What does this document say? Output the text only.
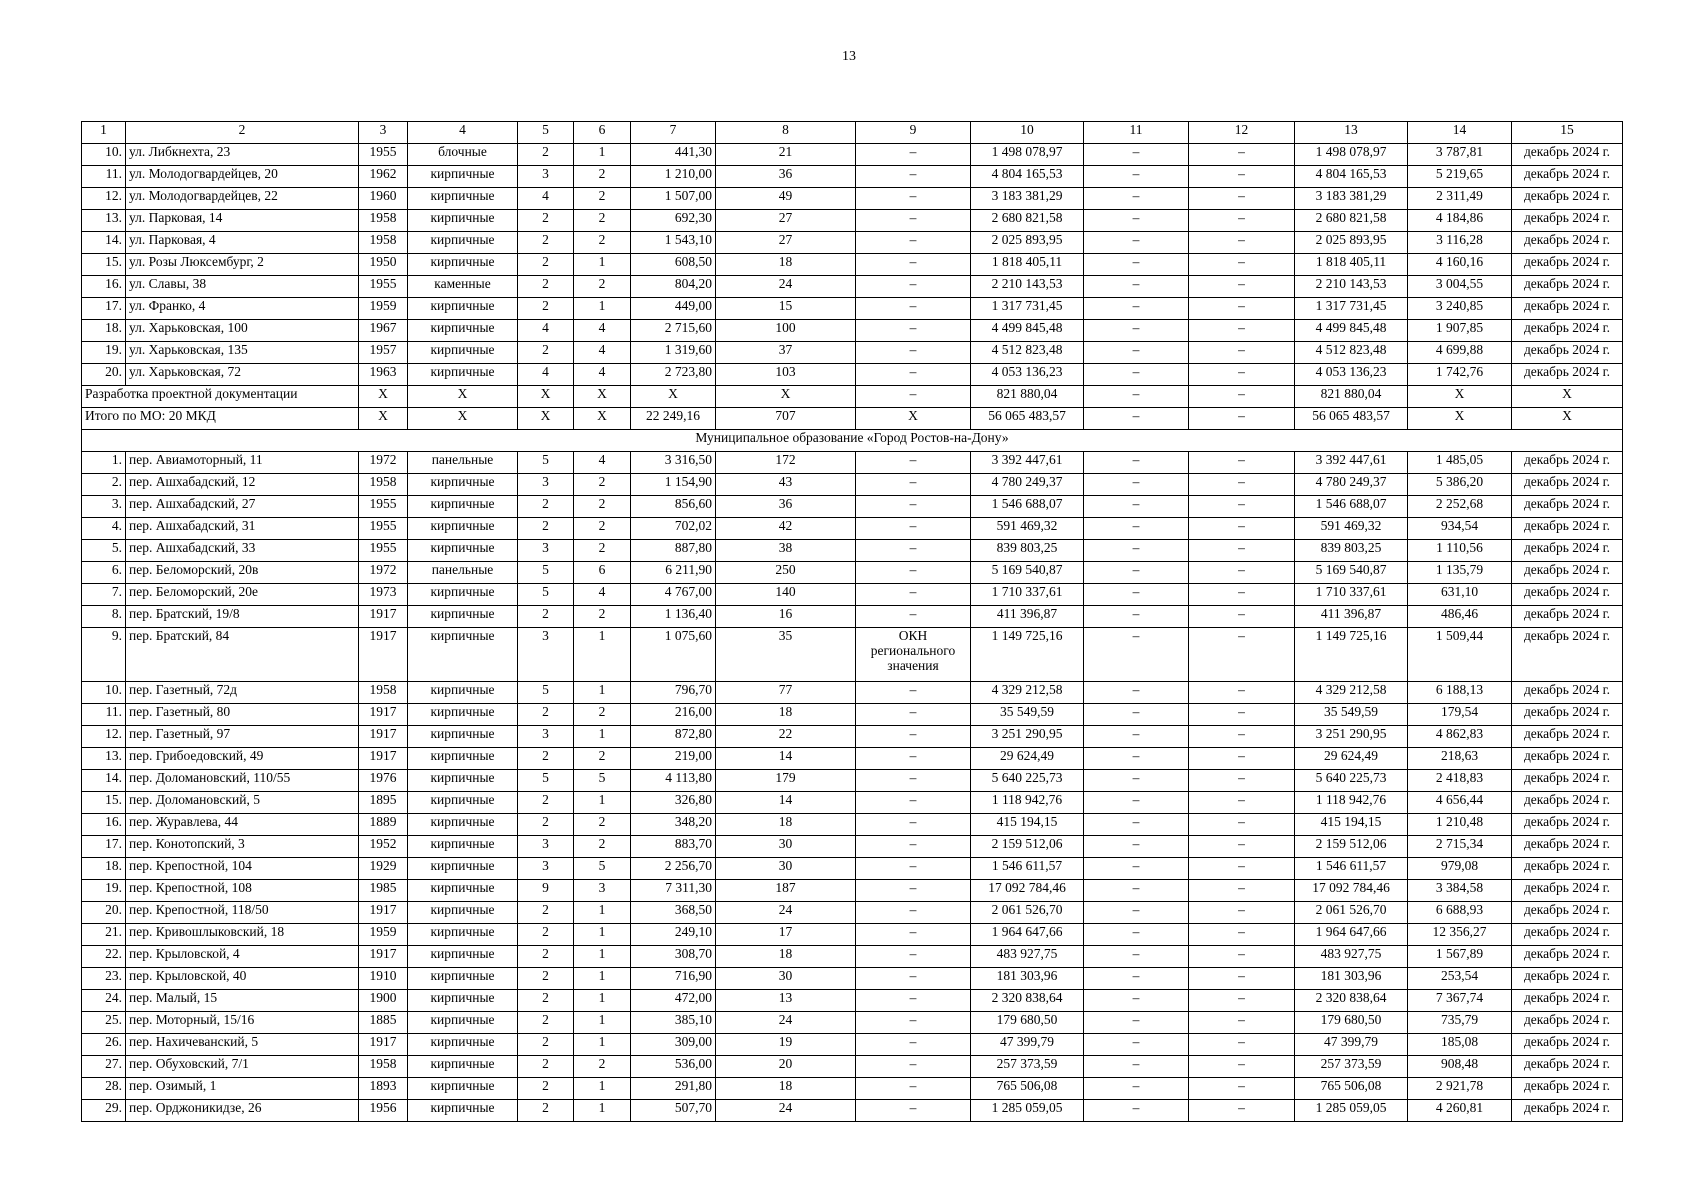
13
1	2	3	4	5	6	7	8	9	10	11	12	13	14	15
10.	ул. Либкнехта, 23	1955	блочные	2	1	441,30	21	–	1 498 078,97	–	–	1 498 078,97	3 787,81	декабрь 2024 г.
11.	ул. Молодогвардейцев, 20	1962	кирпичные	3	2	1 210,00	36	–	4 804 165,53	–	–	4 804 165,53	5 219,65	декабрь 2024 г.
12.	ул. Молодогвардейцев, 22	1960	кирпичные	4	2	1 507,00	49	–	3 183 381,29	–	–	3 183 381,29	2 311,49	декабрь 2024 г.
13.	ул. Парковая, 14	1958	кирпичные	2	2	692,30	27	–	2 680 821,58	–	–	2 680 821,58	4 184,86	декабрь 2024 г.
14.	ул. Парковая, 4	1958	кирпичные	2	2	1 543,10	27	–	2 025 893,95	–	–	2 025 893,95	3 116,28	декабрь 2024 г.
15.	ул. Розы Люксембург, 2	1950	кирпичные	2	1	608,50	18	–	1 818 405,11	–	–	1 818 405,11	4 160,16	декабрь 2024 г.
16.	ул. Славы, 38	1955	каменные	2	2	804,20	24	–	2 210 143,53	–	–	2 210 143,53	3 004,55	декабрь 2024 г.
17.	ул. Франко, 4	1959	кирпичные	2	1	449,00	15	–	1 317 731,45	–	–	1 317 731,45	3 240,85	декабрь 2024 г.
18.	ул. Харьковская, 100	1967	кирпичные	4	4	2 715,60	100	–	4 499 845,48	–	–	4 499 845,48	1 907,85	декабрь 2024 г.
19.	ул. Харьковская, 135	1957	кирпичные	2	4	1 319,60	37	–	4 512 823,48	–	–	4 512 823,48	4 699,88	декабрь 2024 г.
20.	ул. Харьковская, 72	1963	кирпичные	4	4	2 723,80	103	–	4 053 136,23	–	–	4 053 136,23	1 742,76	декабрь 2024 г.
Разработка проектной документации		X	X	X	X	X	X	–	821 880,04	–	–	821 880,04	X	X
Итого по МО: 20 МКД		X	X	X	X	22 249,16	707	X	56 065 483,57	–	–	56 065 483,57	X	X
Муниципальное образование «Город Ростов-на-Дону»														
1.	пер. Авиамоторный, 11	1972	панельные	5	4	3 316,50	172	–	3 392 447,61	–	–	3 392 447,61	1 485,05	декабрь 2024 г.
2.	пер. Ашхабадский, 12	1958	кирпичные	3	2	1 154,90	43	–	4 780 249,37	–	–	4 780 249,37	5 386,20	декабрь 2024 г.
3.	пер. Ашхабадский, 27	1955	кирпичные	2	2	856,60	36	–	1 546 688,07	–	–	1 546 688,07	2 252,68	декабрь 2024 г.
4.	пер. Ашхабадский, 31	1955	кирпичные	2	2	702,02	42	–	591 469,32	–	–	591 469,32	934,54	декабрь 2024 г.
5.	пер. Ашхабадский, 33	1955	кирпичные	3	2	887,80	38	–	839 803,25	–	–	839 803,25	1 110,56	декабрь 2024 г.
6.	пер. Беломорский, 20в	1972	панельные	5	6	6 211,90	250	–	5 169 540,87	–	–	5 169 540,87	1 135,79	декабрь 2024 г.
7.	пер. Беломорский, 20е	1973	кирпичные	5	4	4 767,00	140	–	1 710 337,61	–	–	1 710 337,61	631,10	декабрь 2024 г.
8.	пер. Братский, 19/8	1917	кирпичные	2	2	1 136,40	16	–	411 396,87	–	–	411 396,87	486,46	декабрь 2024 г.
9.	пер. Братский, 84	1917	кирпичные	3	1	1 075,60	35	ОКН регионального значения	1 149 725,16	–	–	1 149 725,16	1 509,44	декабрь 2024 г.
10.	пер. Газетный, 72д	1958	кирпичные	5	1	796,70	77	–	4 329 212,58	–	–	4 329 212,58	6 188,13	декабрь 2024 г.
11.	пер. Газетный, 80	1917	кирпичные	2	2	216,00	18	–	35 549,59	–	–	35 549,59	179,54	декабрь 2024 г.
12.	пер. Газетный, 97	1917	кирпичные	3	1	872,80	22	–	3 251 290,95	–	–	3 251 290,95	4 862,83	декабрь 2024 г.
13.	пер. Грибоедовский, 49	1917	кирпичные	2	2	219,00	14	–	29 624,49	–	–	29 624,49	218,63	декабрь 2024 г.
14.	пер. Доломановский, 110/55	1976	кирпичные	5	5	4 113,80	179	–	5 640 225,73	–	–	5 640 225,73	2 418,83	декабрь 2024 г.
15.	пер. Доломановский, 5	1895	кирпичные	2	1	326,80	14	–	1 118 942,76	–	–	1 118 942,76	4 656,44	декабрь 2024 г.
16.	пер. Журавлева, 44	1889	кирпичные	2	2	348,20	18	–	415 194,15	–	–	415 194,15	1 210,48	декабрь 2024 г.
17.	пер. Конотопский, 3	1952	кирпичные	3	2	883,70	30	–	2 159 512,06	–	–	2 159 512,06	2 715,34	декабрь 2024 г.
18.	пер. Крепостной, 104	1929	кирпичные	3	5	2 256,70	30	–	1 546 611,57	–	–	1 546 611,57	979,08	декабрь 2024 г.
19.	пер. Крепостной, 108	1985	кирпичные	9	3	7 311,30	187	–	17 092 784,46	–	–	17 092 784,46	3 384,58	декабрь 2024 г.
20.	пер. Крепостной, 118/50	1917	кирпичные	2	1	368,50	24	–	2 061 526,70	–	–	2 061 526,70	6 688,93	декабрь 2024 г.
21.	пер. Кривошлыковский, 18	1959	кирпичные	2	1	249,10	17	–	1 964 647,66	–	–	1 964 647,66	12 356,27	декабрь 2024 г.
22.	пер. Крыловской, 4	1917	кирпичные	2	1	308,70	18	–	483 927,75	–	–	483 927,75	1 567,89	декабрь 2024 г.
23.	пер. Крыловской, 40	1910	кирпичные	2	1	716,90	30	–	181 303,96	–	–	181 303,96	253,54	декабрь 2024 г.
24.	пер. Малый, 15	1900	кирпичные	2	1	472,00	13	–	2 320 838,64	–	–	2 320 838,64	7 367,74	декабрь 2024 г.
25.	пер. Моторный, 15/16	1885	кирпичные	2	1	385,10	24	–	179 680,50	–	–	179 680,50	735,79	декабрь 2024 г.
26.	пер. Нахичеванский, 5	1917	кирпичные	2	1	309,00	19	–	47 399,79	–	–	47 399,79	185,08	декабрь 2024 г.
27.	пер. Обуховский, 7/1	1958	кирпичные	2	2	536,00	20	–	257 373,59	–	–	257 373,59	908,48	декабрь 2024 г.
28.	пер. Озимый, 1	1893	кирпичные	2	1	291,80	18	–	765 506,08	–	–	765 506,08	2 921,78	декабрь 2024 г.
29.	пер. Орджоникидзе, 26	1956	кирпичные	2	1	507,70	24	–	1 285 059,05	–	–	1 285 059,05	4 260,81	декабрь 2024 г.
